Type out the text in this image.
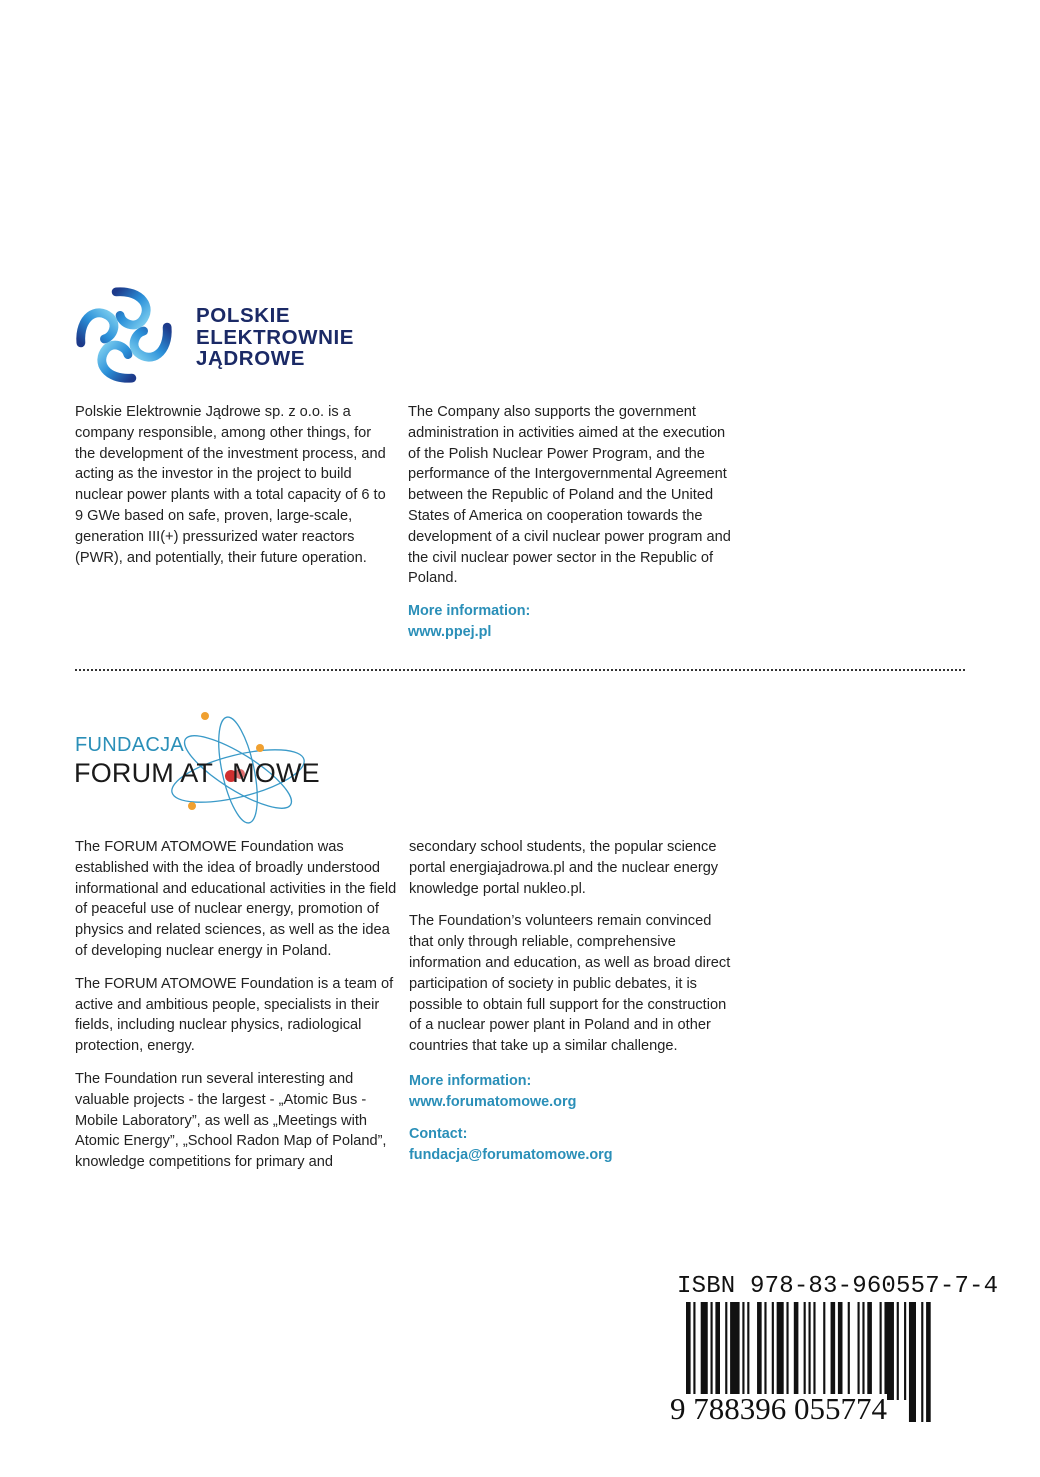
POLSKIE
ELEKTROWNIE
JĄDROWE

Polskie Elektrownie Jądrowe sp. z o.o. is a company responsible, among other things, for the development of the investment process, and acting as the investor in the project to build nuclear power plants with a total capacity of 6 to 9 GWe based on safe, proven, large-scale, generation III(+) pressurized water reactors (PWR), and potentially, their future operation.

The Company also supports the government administration in activities aimed at the execution of the Polish Nuclear Power Program, and the performance of the Intergovernmental Agreement between the Republic of Poland and the United States of America on cooperation towards the development of a civil nuclear power program and the civil nuclear power sector in the Republic of Poland.

More information:
www.ppej.pl
FUNDACJA
FORUM AT MOWE

The FORUM ATOMOWE Foundation was established with the idea of broadly understood informational and educational activities in the field of peaceful use of nuclear energy, promotion of physics and related sciences, as well as the idea of developing nuclear energy in Poland.

The FORUM ATOMOWE Foundation is a team of active and ambitious people, specialists in their fields, including nuclear physics, radiological protection, energy.

The Foundation run several interesting and valuable projects - the largest - „Atomic Bus - Mobile Laboratory”, as well as „Meetings with Atomic Energy”, „School Radon Map of Poland”, knowledge competitions for primary and

secondary school students, the popular science portal energiajadrowa.pl and the nuclear energy knowledge portal nukleo.pl.

The Foundation’s volunteers remain convinced that only through reliable, comprehensive information and education, as well as broad direct participation of society in public debates, it is possible to obtain full support for the construction of a nuclear power plant in Poland and in other countries that take up a similar challenge.

More information:
www.forumatomowe.org
Contact:
fundacja@forumatomowe.org
ISBN 978-83-960557-7-4
9 788396 055774
